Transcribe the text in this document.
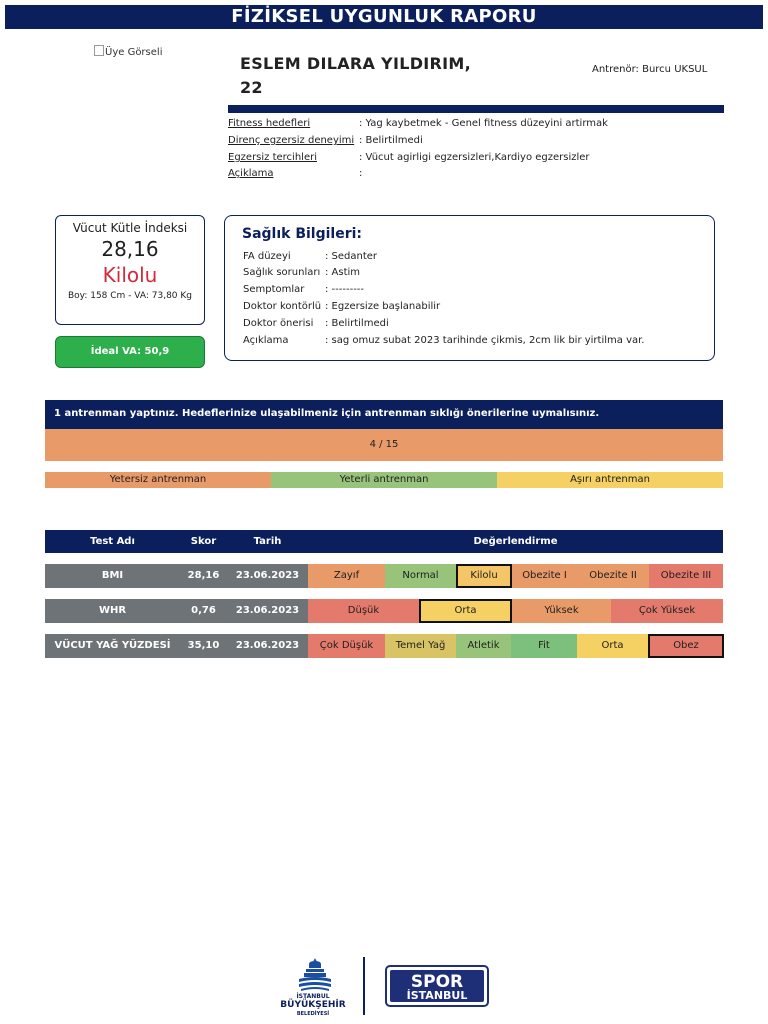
FİZİKSEL UYGUNLUK RAPORU
Üye Görseli
ESLEM DILARA YILDIRIM,
22
Antrenör: Burcu UKSUL
Fitness hedefleri	: Yag kaybetmek - Genel fitness düzeyini artirmak
Direnç egzersiz deneyimi : Belirtilmedi
Egzersiz tercihleri	: Vücut agirligi egzersizleri,Kardiyo egzersizler
Açiklama	:
Vücut Kütle İndeksi
28,16
Kilolu
Boy: 158 Cm - VA: 73,80 Kg
İdeal VA: 50,9
Sağlık Bilgileri:
FA düzeyi	: Sedanter
Sağlık sorunları : Astim
Semptomlar : ---------
Doktor kontörlü : Egzersize başlanabilir
Doktor önerisi : Belirtilmedi
Açıklama	: sag omuz subat 2023 tarihinde çikmis, 2cm lik bir yirtilma var.
1 antrenman yaptınız. Hedeflerinize ulaşabilmeniz için antrenman sıklığı önerilerine uymalısınız.
4 / 15
Yetersiz antrenman	Yeterli antrenman	Aşırı antrenman
Test Adı	Skor	Tarih	Değerlendirme
BMI	28,16	23.06.2023	Zayıf	Normal	Kilolu	Obezite I	Obezite II	Obezite III
WHR	0,76	23.06.2023	Düşük	Orta	Yüksek	Çok Yüksek
VÜCUT YAĞ YÜZDESİ	35,10	23.06.2023	Çok Düşük	Temel Yağ	Atletik	Fit	Orta	Obez
İSTANBUL
BÜYÜKŞEHİR
BELEDİYESİ
SPOR
İSTANBUL
